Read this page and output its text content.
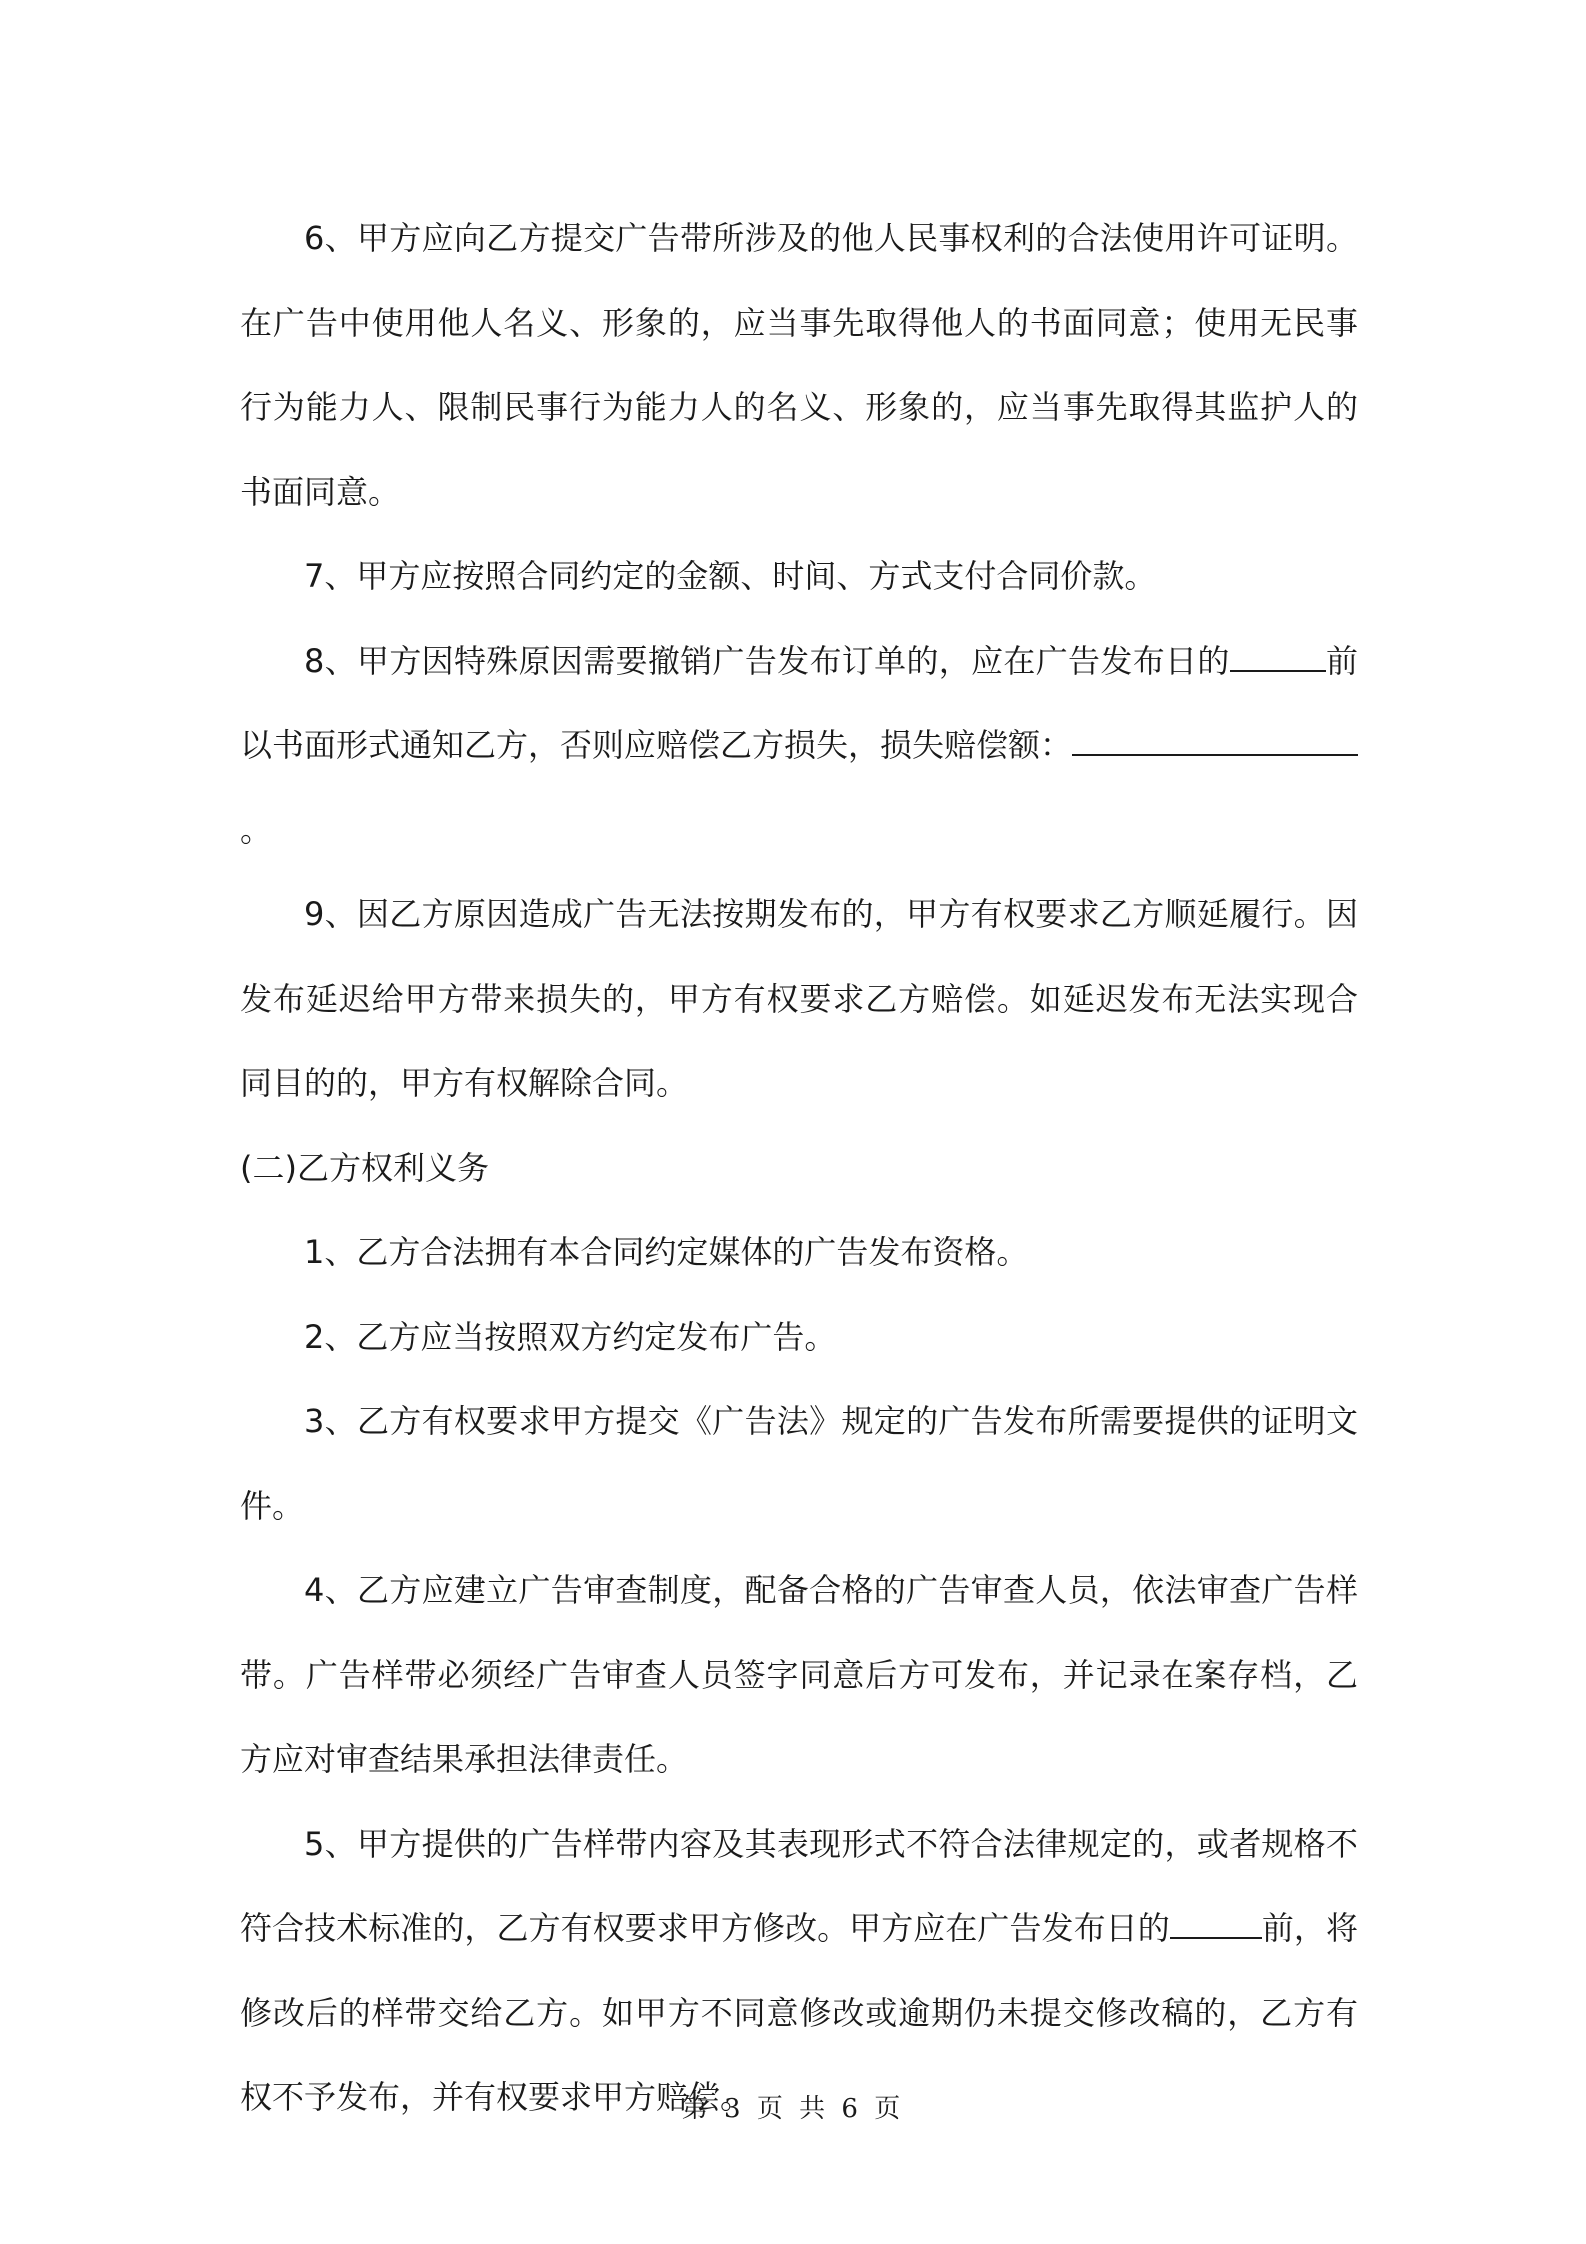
6、甲方应向乙方提交广告带所涉及的他人民事权利的合法使用许可证明。在广告中使用他人名义、形象的，应当事先取得他人的书面同意；使用无民事行为能力人、限制民事行为能力人的名义、形象的，应当事先取得其监护人的书面同意。

7、甲方应按照合同约定的金额、时间、方式支付合同价款。

8、甲方因特殊原因需要撤销广告发布订单的，应在广告发布日的	前以书面形式通知乙方，否则应赔偿乙方损失，损失赔偿额：。

9、因乙方原因造成广告无法按期发布的，甲方有权要求乙方顺延履行。因发布延迟给甲方带来损失的，甲方有权要求乙方赔偿。如延迟发布无法实现合同目的的，甲方有权解除合同。

(二)乙方权利义务

1、乙方合法拥有本合同约定媒体的广告发布资格。

2、乙方应当按照双方约定发布广告。

3、乙方有权要求甲方提交《广告法》规定的广告发布所需要提供的证明文件。

4、乙方应建立广告审查制度，配备合格的广告审查人员，依法审查广告样带。广告样带必须经广告审查人员签字同意后方可发布，并记录在案存档，乙方应对审查结果承担法律责任。

5、甲方提供的广告样带内容及其表现形式不符合法律规定的，或者规格不符合技术标准的，乙方有权要求甲方修改。甲方应在广告发布日的	前，将修改后的样带交给乙方。如甲方不同意修改或逾期仍未提交修改稿的，乙方有权不予发布，并有权要求甲方赔偿。

第 3 页 共 6 页
